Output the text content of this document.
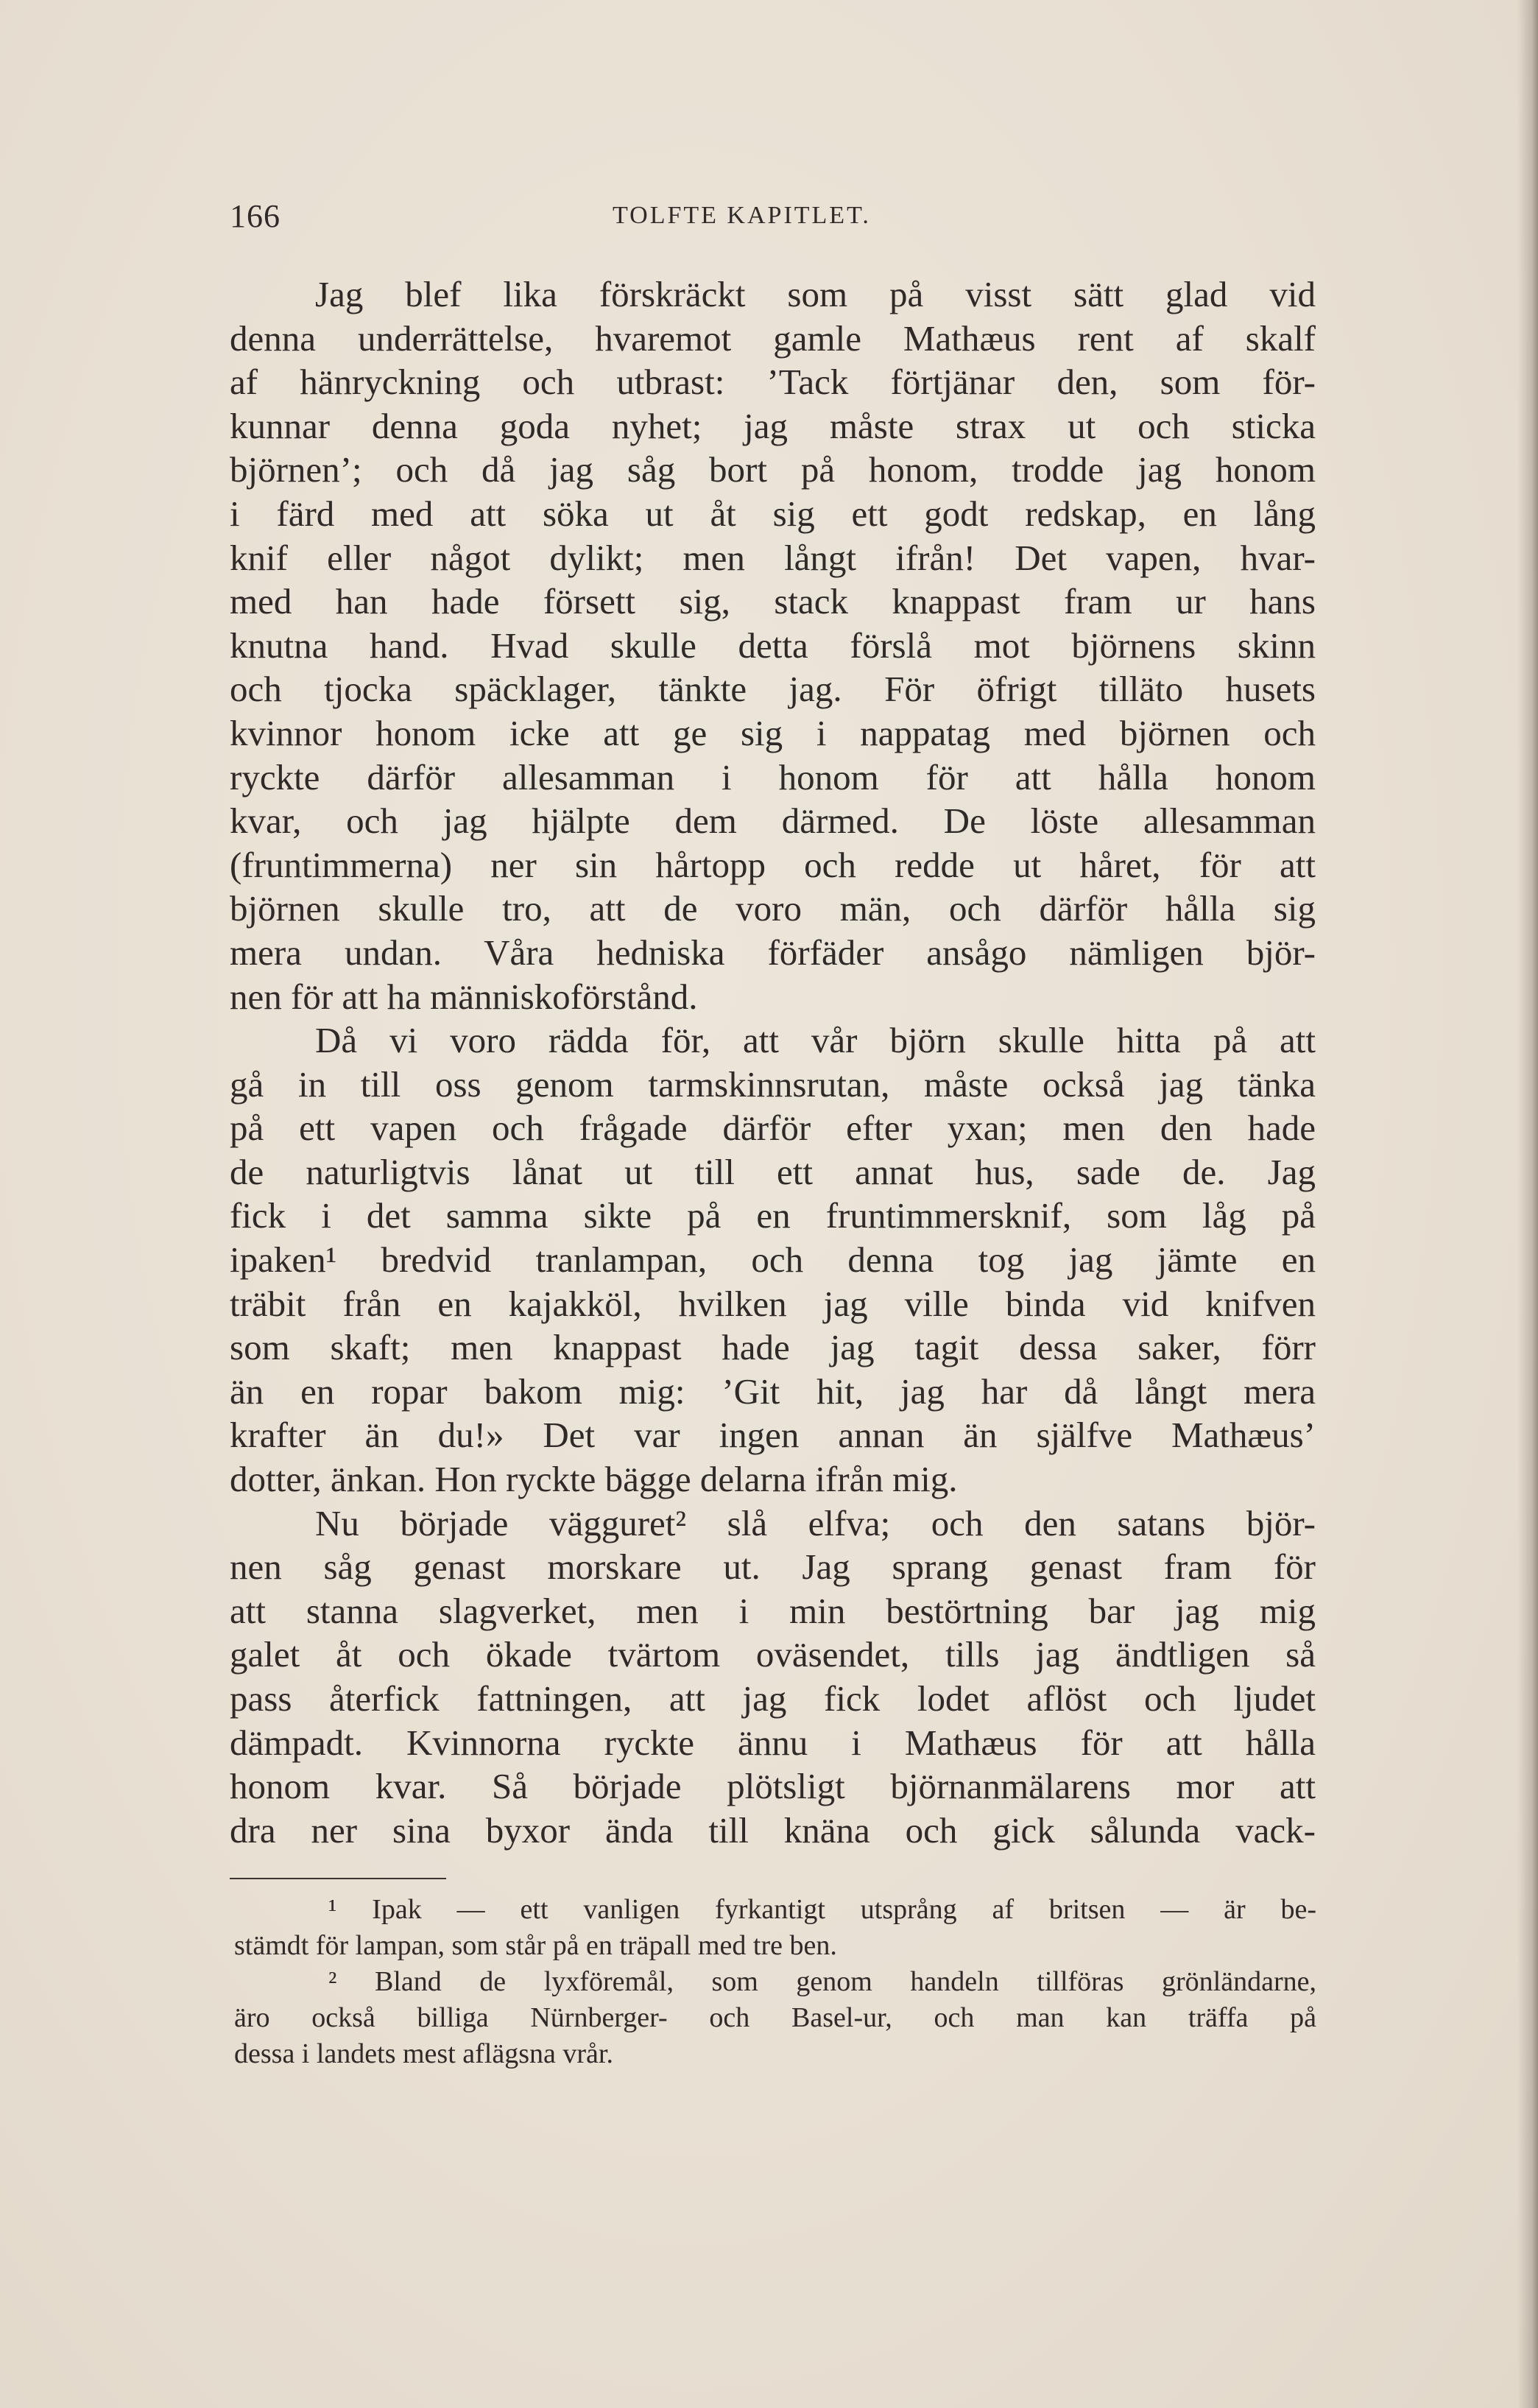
166	TOLFTE KAPITLET.
Jag blef lika förskräckt som på visst sätt glad vid
denna underrättelse, hvaremot gamle Mathæus rent af skalf
af hänryckning och utbrast: ’Tack förtjänar den, som för-
kunnar denna goda nyhet; jag måste strax ut och sticka
björnen’; och då jag såg bort på honom, trodde jag honom
i färd med att söka ut åt sig ett godt redskap, en lång
knif eller något dylikt; men långt ifrån! Det vapen, hvar-
med han hade försett sig, stack knappast fram ur hans
knutna hand. Hvad skulle detta förslå mot björnens skinn
och tjocka späcklager, tänkte jag. För öfrigt tilläto husets
kvinnor honom icke att ge sig i nappatag med björnen och
ryckte därför allesamman i honom för att hålla honom
kvar, och jag hjälpte dem därmed. De löste allesamman
(fruntimmerna) ner sin hårtopp och redde ut håret, för att
björnen skulle tro, att de voro män, och därför hålla sig
mera undan. Våra hedniska förfäder ansågo nämligen björ-
nen för att ha människoförstånd.
Då vi voro rädda för, att vår björn skulle hitta på att
gå in till oss genom tarmskinnsrutan, måste också jag tänka
på ett vapen och frågade därför efter yxan; men den hade
de naturligtvis lånat ut till ett annat hus, sade de. Jag
fick i det samma sikte på en fruntimmersknif, som låg på
ipaken¹ bredvid tranlampan, och denna tog jag jämte en
träbit från en kajakköl, hvilken jag ville binda vid knifven
som skaft; men knappast hade jag tagit dessa saker, förr
än en ropar bakom mig: ’Git hit, jag har då långt mera
krafter än du!» Det var ingen annan än själfve Mathæus’
dotter, änkan. Hon ryckte bägge delarna ifrån mig.
Nu började vägguret² slå elfva; och den satans björ-
nen såg genast morskare ut. Jag sprang genast fram för
att stanna slagverket, men i min bestörtning bar jag mig
galet åt och ökade tvärtom oväsendet, tills jag ändtligen så
pass återfick fattningen, att jag fick lodet aflöst och ljudet
dämpadt. Kvinnorna ryckte ännu i Mathæus för att hålla
honom kvar. Så började plötsligt björnanmälarens mor att
dra ner sina byxor ända till knäna och gick sålunda vack-
¹ Ipak — ett vanligen fyrkantigt utsprång af britsen — är be-
stämdt för lampan, som står på en träpall med tre ben.
² Bland de lyxföremål, som genom handeln tillföras grönländarne,
äro också billiga Nürnberger- och Basel-ur, och man kan träffa på
dessa i landets mest aflägsna vrår.
